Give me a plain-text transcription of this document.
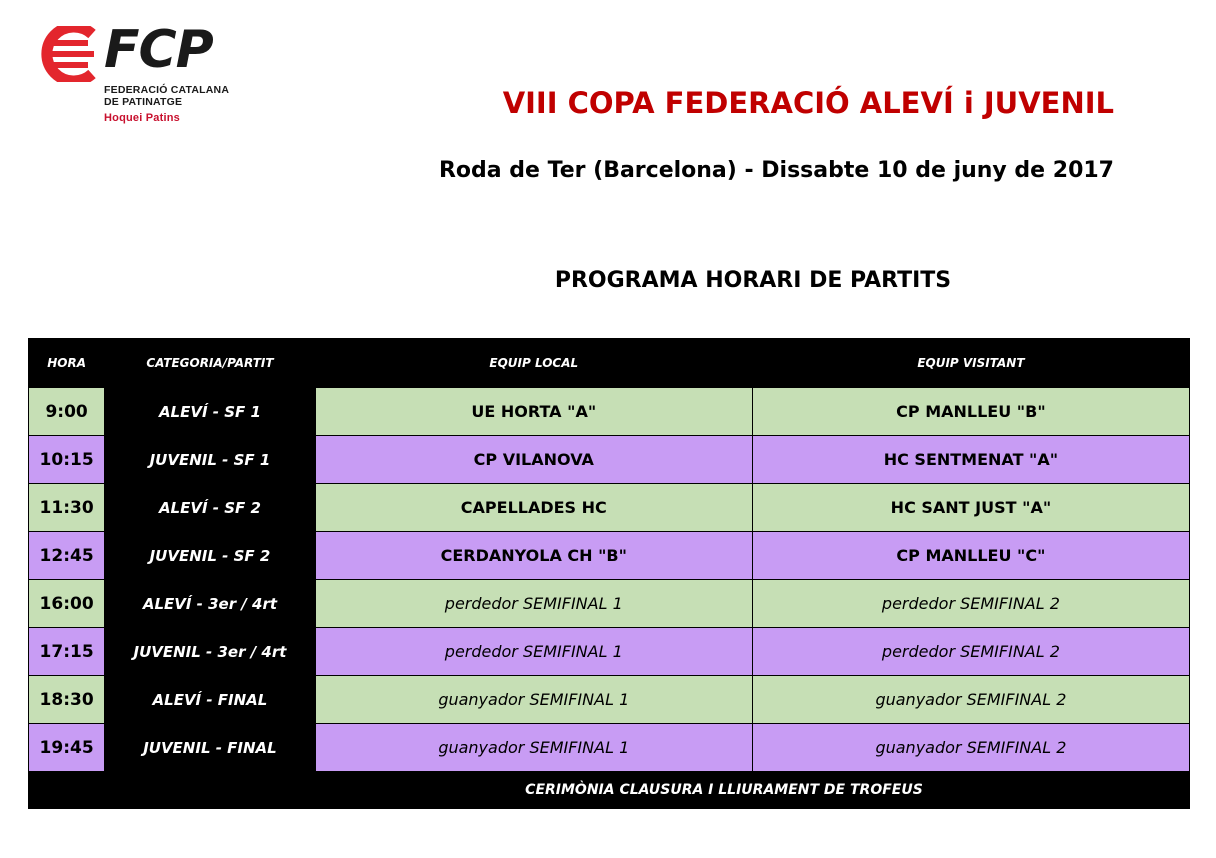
FCP
FEDERACIÓ CATALANA
DE PATINATGE
Hoquei Patins	VIII COPA FEDERACIÓ ALEVÍ i JUVENIL
Roda de Ter (Barcelona) - Dissabte 10 de juny de 2017
PROGRAMA HORARI DE PARTITS
HORA	CATEGORIA/PARTIT	EQUIP LOCAL	EQUIP VISITANT
9:00	ALEVÍ - SF 1	UE HORTA "A"	CP MANLLEU "B"
10:15	JUVENIL - SF 1	CP VILANOVA	HC SENTMENAT "A"
11:30	ALEVÍ - SF 2	CAPELLADES HC	HC SANT JUST "A"
12:45	JUVENIL - SF 2	CERDANYOLA CH "B"	CP MANLLEU "C"
16:00	ALEVÍ - 3er / 4rt	perdedor SEMIFINAL 1	perdedor SEMIFINAL 2
17:15	JUVENIL - 3er / 4rt	perdedor SEMIFINAL 1	perdedor SEMIFINAL 2
18:30	ALEVÍ - FINAL	guanyador SEMIFINAL 1	guanyador SEMIFINAL 2
19:45	JUVENIL - FINAL	guanyador SEMIFINAL 1	guanyador SEMIFINAL 2
CERIMÒNIA CLAUSURA I LLIURAMENT DE TROFEUS			
